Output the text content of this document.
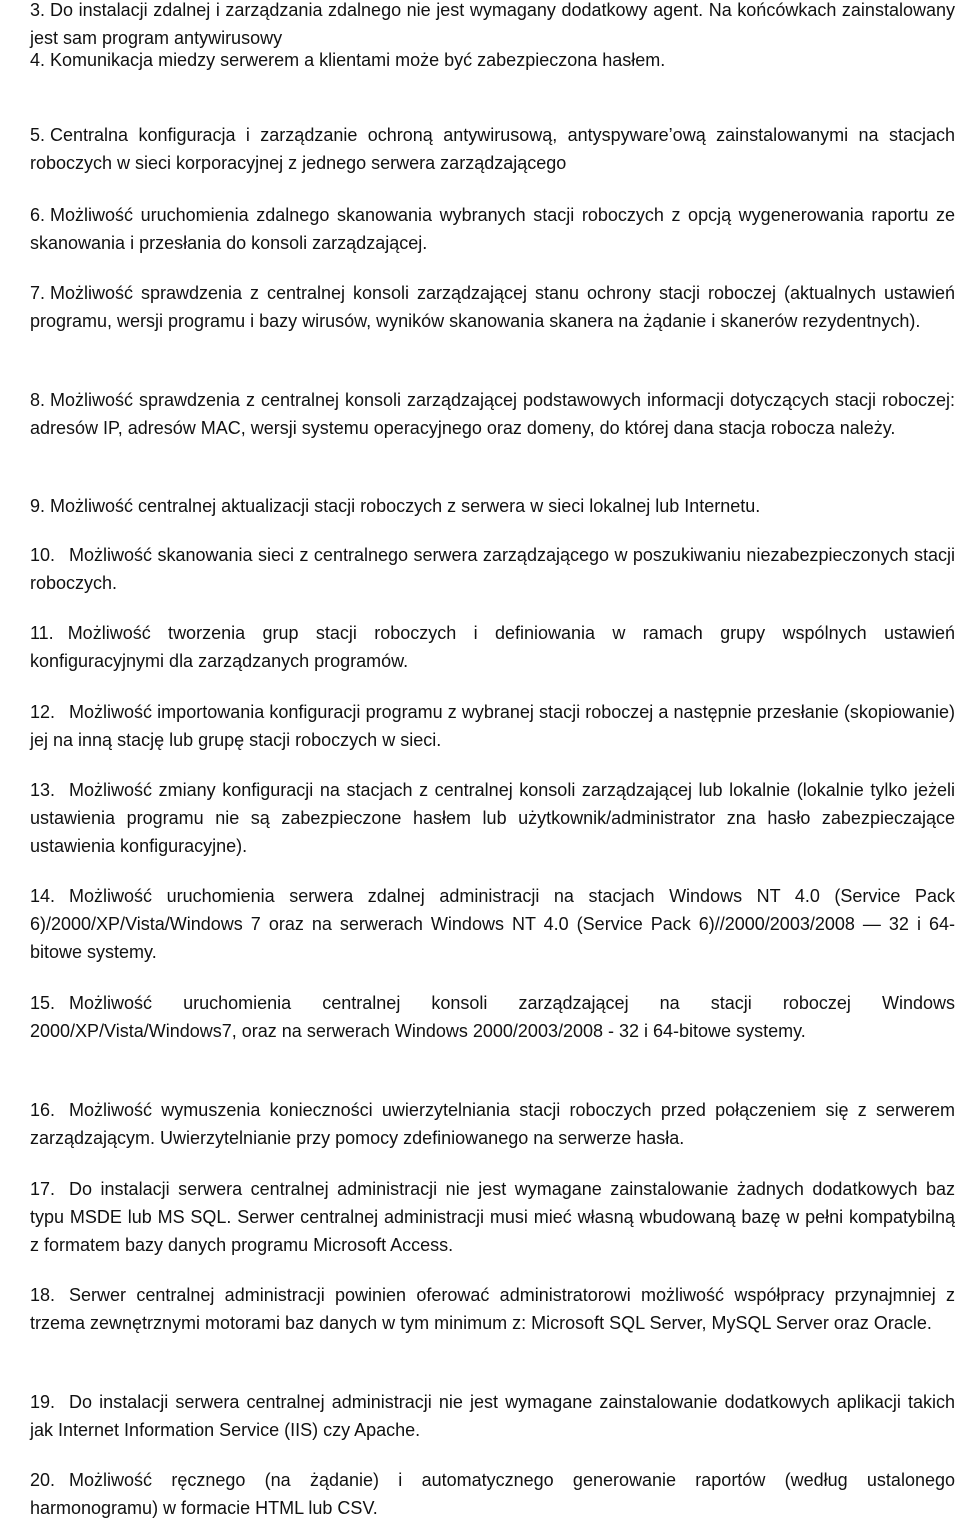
3. Do instalacji zdalnej i zarządzania zdalnego nie jest wymagany dodatkowy agent. Na końcówkach zainstalowany jest sam program antywirusowy
4. Komunikacja miedzy serwerem a klientami może być zabezpieczona hasłem.
5. Centralna konfiguracja i zarządzanie ochroną antywirusową, antyspyware’ową zainstalowanymi na stacjach roboczych w sieci korporacyjnej z jednego serwera zarządzającego
6. Możliwość uruchomienia zdalnego skanowania wybranych stacji roboczych z opcją wygenerowania raportu ze skanowania i przesłania do konsoli zarządzającej.
7. Możliwość sprawdzenia z centralnej konsoli zarządzającej stanu ochrony stacji roboczej (aktualnych ustawień programu, wersji programu i bazy wirusów, wyników skanowania skanera na żądanie i skanerów rezydentnych).
8. Możliwość sprawdzenia z centralnej konsoli zarządzającej podstawowych informacji dotyczących stacji roboczej: adresów IP, adresów MAC, wersji systemu operacyjnego oraz domeny, do której dana stacja robocza należy.
9. Możliwość centralnej aktualizacji stacji roboczych z serwera w sieci lokalnej lub Internetu.
10. Możliwość skanowania sieci z centralnego serwera zarządzającego w poszukiwaniu niezabezpieczonych stacji roboczych.
11. Możliwość tworzenia grup stacji roboczych i definiowania w ramach grupy wspólnych ustawień konfiguracyjnymi dla zarządzanych programów.
12. Możliwość importowania konfiguracji programu z wybranej stacji roboczej a następnie przesłanie (skopiowanie) jej na inną stację lub grupę stacji roboczych w sieci.
13. Możliwość zmiany konfiguracji na stacjach z centralnej konsoli zarządzającej lub lokalnie (lokalnie tylko jeżeli ustawienia programu nie są zabezpieczone hasłem lub użytkownik/administrator zna hasło zabezpieczające ustawienia konfiguracyjne).
14. Możliwość uruchomienia serwera zdalnej administracji na stacjach Windows NT 4.0 (Service Pack 6)/2000/XP/Vista/Windows 7 oraz na serwerach Windows NT 4.0 (Service Pack 6)//2000/2003/2008 — 32 i 64-bitowe systemy.
15. Możliwość uruchomienia centralnej konsoli zarządzającej na stacji roboczej Windows 2000/XP/Vista/Windows7, oraz na serwerach Windows 2000/2003/2008 - 32 i 64-bitowe systemy.
16. Możliwość wymuszenia konieczności uwierzytelniania stacji roboczych przed połączeniem się z serwerem zarządzającym. Uwierzytelnianie przy pomocy zdefiniowanego na serwerze hasła.
17. Do instalacji serwera centralnej administracji nie jest wymagane zainstalowanie żadnych dodatkowych baz typu MSDE lub MS SQL. Serwer centralnej administracji musi mieć własną wbudowaną bazę w pełni kompatybilną z formatem bazy danych programu Microsoft Access.
18. Serwer centralnej administracji powinien oferować administratorowi możliwość współpracy przynajmniej z trzema zewnętrznymi motorami baz danych w tym minimum z: Microsoft SQL Server, MySQL Server oraz Oracle.
19. Do instalacji serwera centralnej administracji nie jest wymagane zainstalowanie dodatkowych aplikacji takich jak Internet Information Service (IIS) czy Apache.
20. Możliwość ręcznego (na żądanie) i automatycznego generowanie raportów (według ustalonego harmonogramu) w formacie HTML lub CSV.
